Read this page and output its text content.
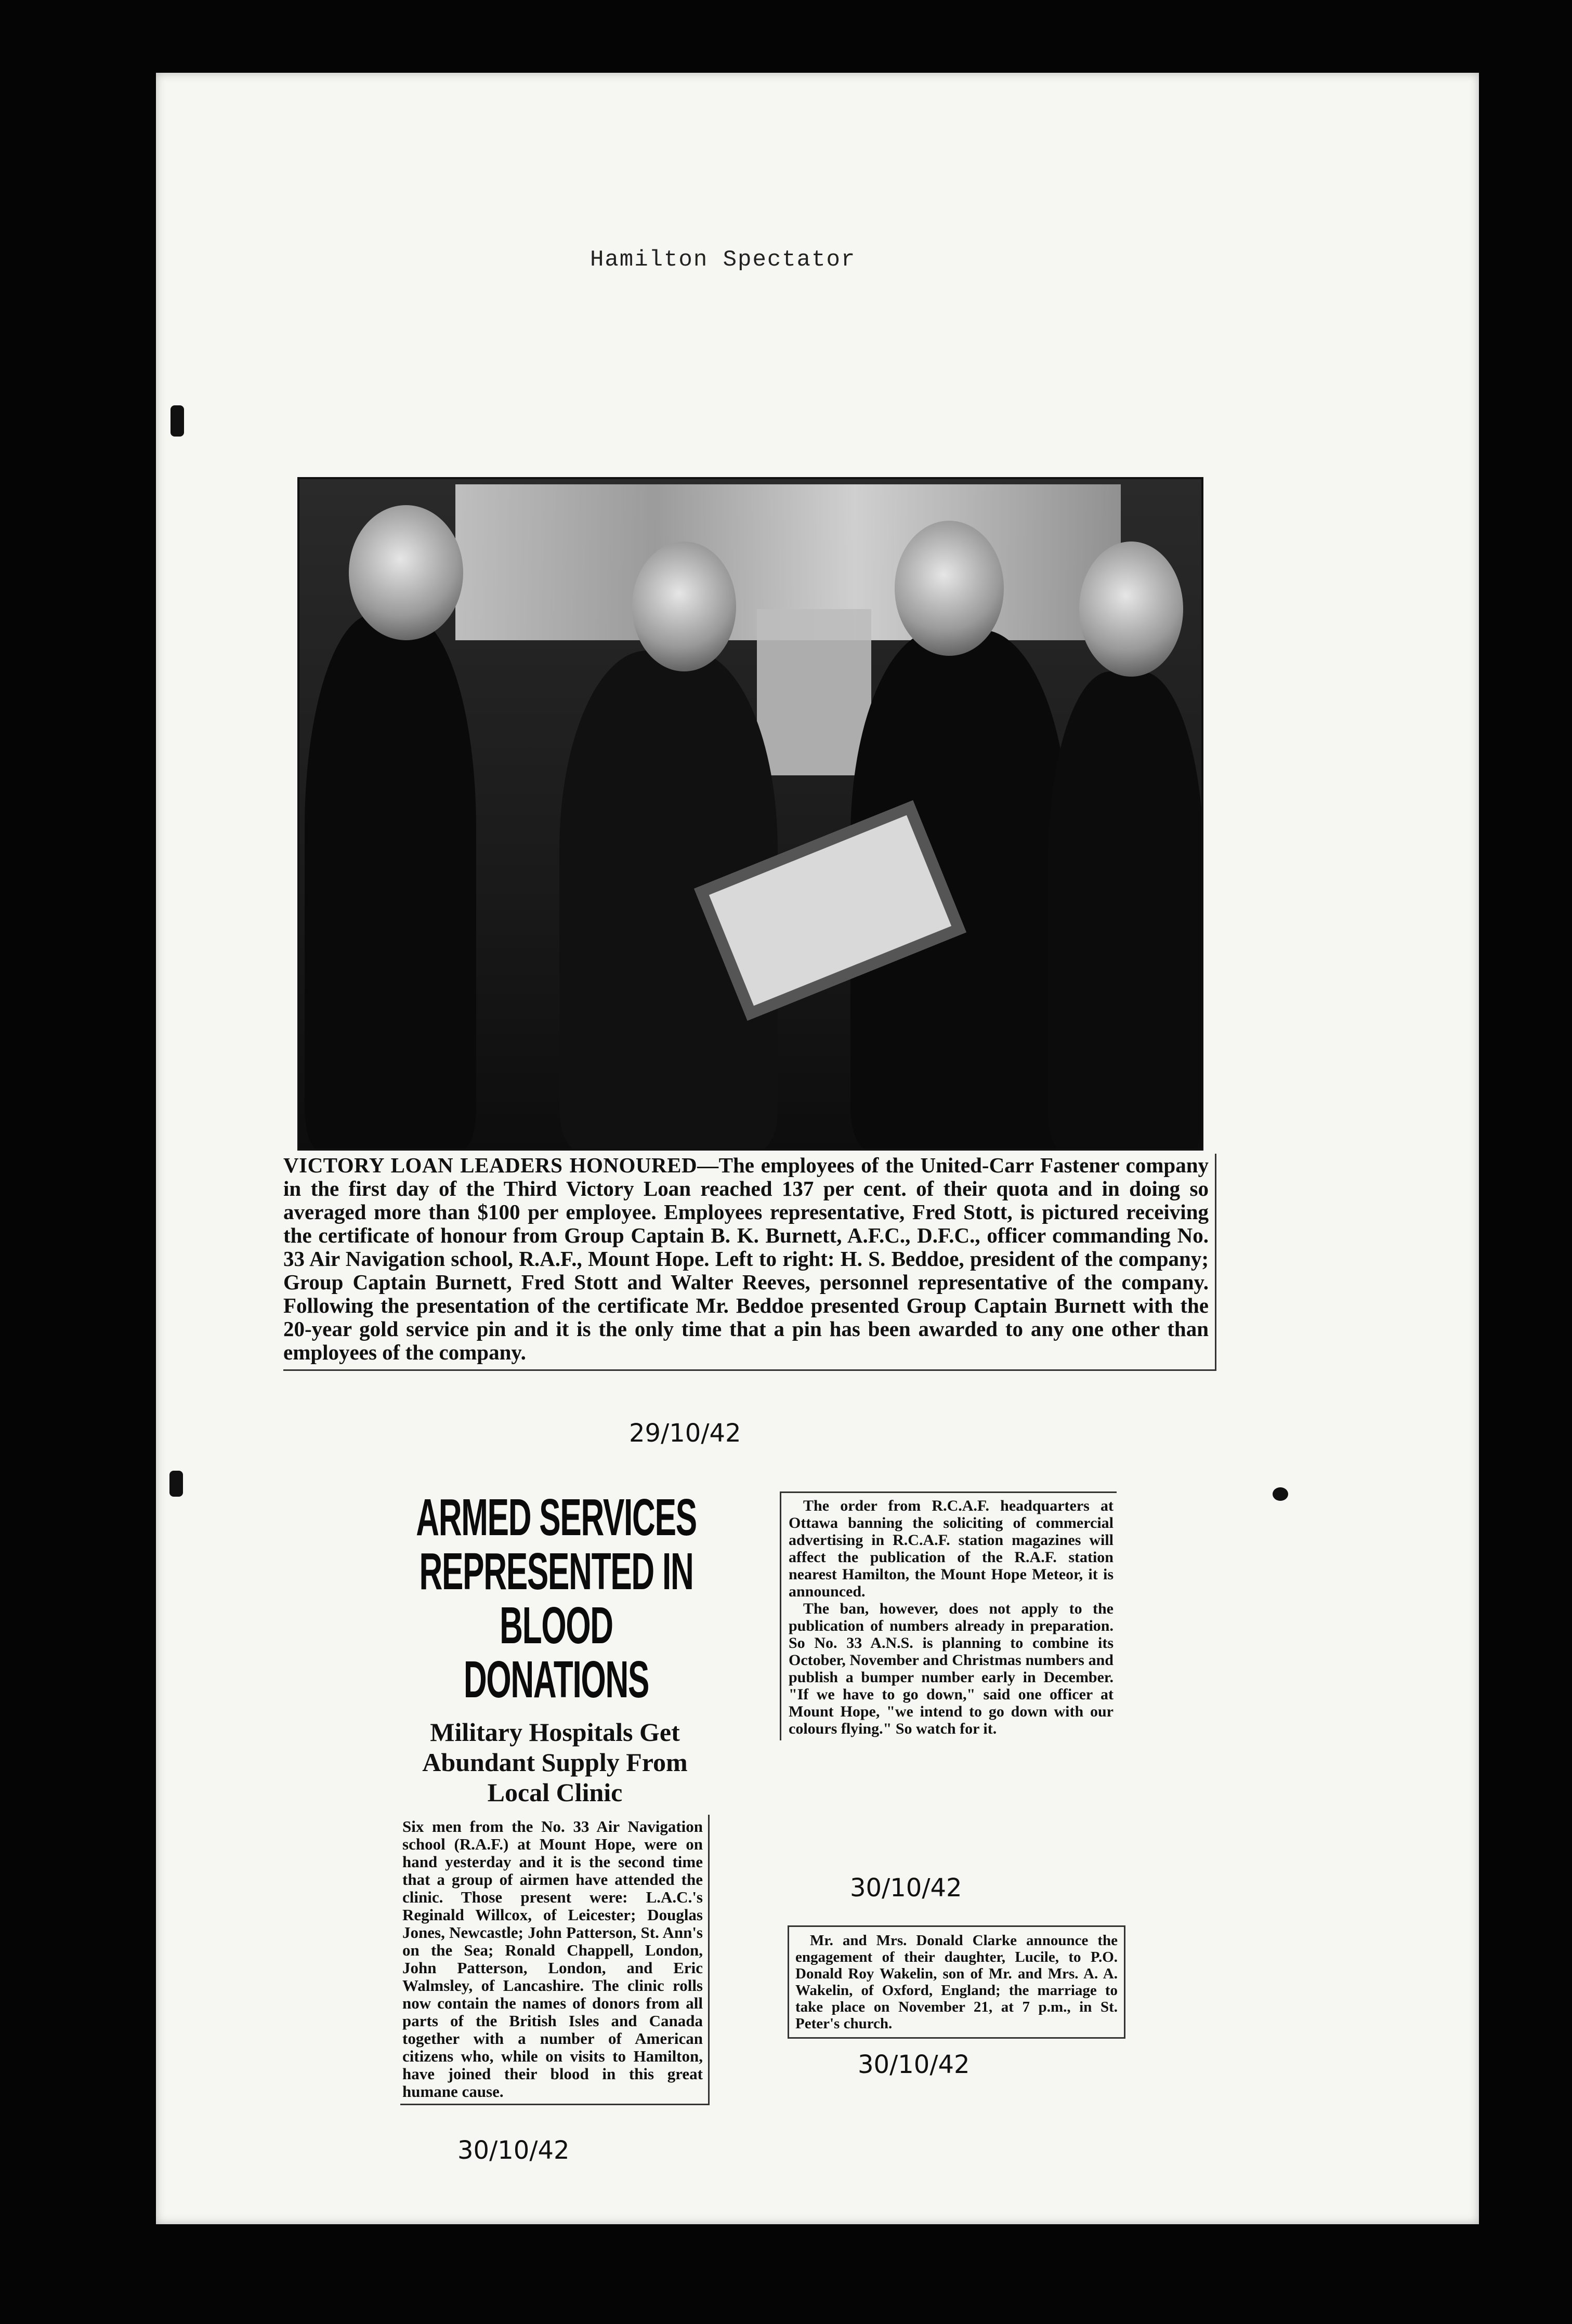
Hamilton Spectator
VICTORY LOAN LEADERS HONOURED—The employees of the United-Carr Fastener company in the first day of the Third Victory Loan reached 137 per cent. of their quota and in doing so averaged more than $100 per employee. Employees representative, Fred Stott, is pictured receiving the certificate of honour from Group Captain B. K. Burnett, A.F.C., D.F.C., officer commanding No. 33 Air Navigation school, R.A.F., Mount Hope. Left to right: H. S. Beddoe, president of the company; Group Captain Burnett, Fred Stott and Walter Reeves, personnel representative of the company. Following the presentation of the certificate Mr. Beddoe presented Group Captain Burnett with the 20-year gold service pin and it is the only time that a pin has been awarded to any one other than employees of the company.
29/10/42
ARMED SERVICES
REPRESENTED IN
BLOOD DONATIONS
Military Hospitals Get Abundant Supply From Local Clinic
Six men from the No. 33 Air Navigation school (R.A.F.) at Mount Hope, were on hand yesterday and it is the second time that a group of airmen have attended the clinic. Those present were: L.A.C.'s Reginald Willcox, of Leicester; Douglas Jones, Newcastle; John Patterson, St. Ann's on the Sea; Ronald Chappell, London, John Patterson, London, and Eric Walmsley, of Lancashire. The clinic rolls now contain the names of donors from all parts of the British Isles and Canada together with a number of American citizens who, while on visits to Hamilton, have joined their blood in this great humane cause.
30/10/42

The order from R.C.A.F. headquarters at Ottawa banning the soliciting of commercial advertising in R.C.A.F. station magazines will affect the publication of the R.A.F. station nearest Hamilton, the Mount Hope Meteor, it is announced.

The ban, however, does not apply to the publication of numbers already in preparation. So No. 33 A.N.S. is planning to combine its October, November and Christmas numbers and publish a bumper number early in December. "If we have to go down," said one officer at Mount Hope, "we intend to go down with our colours flying." So watch for it.

30/10/42
Mr. and Mrs. Donald Clarke announce the engagement of their daughter, Lucile, to P.O. Donald Roy Wakelin, son of Mr. and Mrs. A. A. Wakelin, of Oxford, England; the marriage to take place on November 21, at 7 p.m., in St. Peter's church.
30/10/42
